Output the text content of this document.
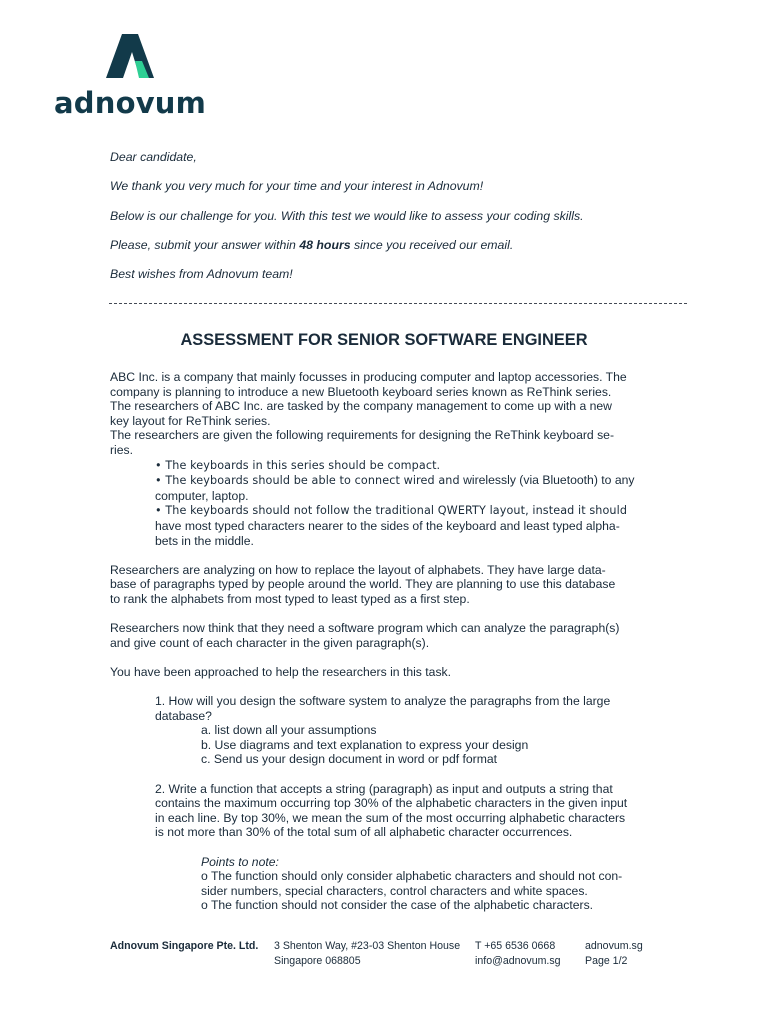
adnovum

Dear candidate,

We thank you very much for your time and your interest in Adnovum!

Below is our challenge for you. With this test we would like to assess your coding skills.

Please, submit your answer within 48 hours since you received our email.

Best wishes from Adnovum team!

ASSESSMENT FOR SENIOR SOFTWARE ENGINEER
ABC Inc. is a company that mainly focusses in producing computer and laptop accessories. The
company is planning to introduce a new Bluetooth keyboard series known as ReThink series.
The researchers of ABC Inc. are tasked by the company management to come up with a new
key layout for ReThink series.
The researchers are given the following requirements for designing the ReThink keyboard se-
ries.
• The keyboards in this series should be compact.
• The keyboards should be able to connect wired and wirelessly (via Bluetooth) to any
computer, laptop.
• The keyboards should not follow the traditional QWERTY layout, instead it should
have most typed characters nearer to the sides of the keyboard and least typed alpha-
bets in the middle.
Researchers are analyzing on how to replace the layout of alphabets. They have large data-
base of paragraphs typed by people around the world. They are planning to use this database
to rank the alphabets from most typed to least typed as a first step.
Researchers now think that they need a software program which can analyze the paragraph(s)
and give count of each character in the given paragraph(s).
You have been approached to help the researchers in this task.
1. How will you design the software system to analyze the paragraphs from the large
database?
a. list down all your assumptions
b. Use diagrams and text explanation to express your design
c. Send us your design document in word or pdf format
2. Write a function that accepts a string (paragraph) as input and outputs a string that
contains the maximum occurring top 30% of the alphabetic characters in the given input
in each line. By top 30%, we mean the sum of the most occurring alphabetic characters
is not more than 30% of the total sum of all alphabetic character occurrences.
Points to note:
o The function should only consider alphabetic characters and should not con-
sider numbers, special characters, control characters and white spaces.
o The function should not consider the case of the alphabetic characters.
Adnovum Singapore Pte. Ltd. 3 Shenton Way, #23-03 Shenton House
Singapore 068805
T +65 6536 0668
info@adnovum.sg
adnovum.sg
Page 1/2
